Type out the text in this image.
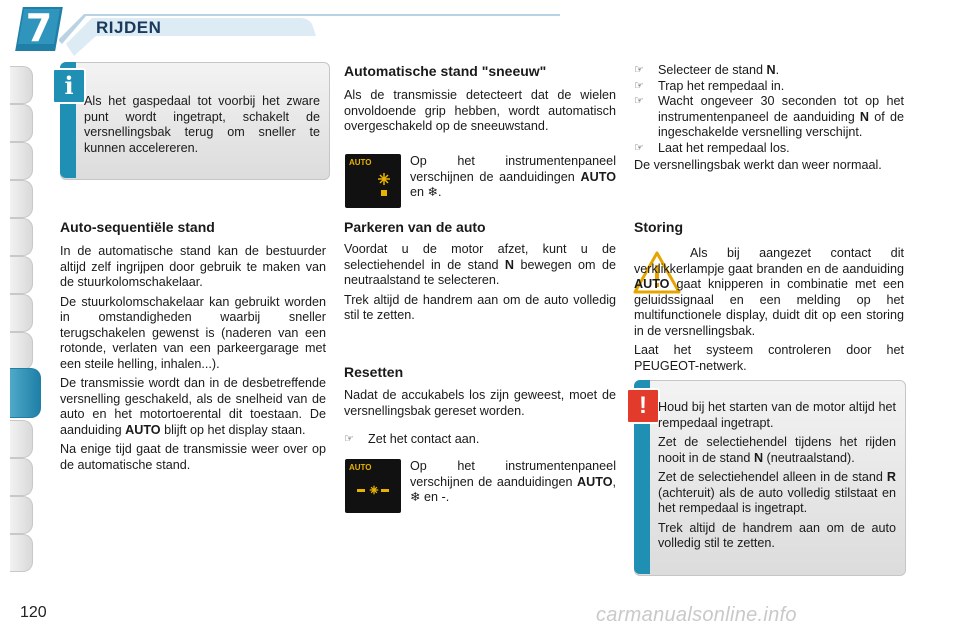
7	RIJDEN
i
Als het gaspedaal tot voorbij het zware punt wordt ingetrapt, schakelt de versnellingsbak terug om sneller te kunnen accelereren.
Auto-sequentiële stand

In de automatische stand kan de bestuurder altijd zelf ingrijpen door gebruik te maken van de stuurkolomschakelaar.

De stuurkolomschakelaar kan gebruikt worden in omstandigheden waarbij sneller terugschakelen gewenst is (naderen van een rotonde, verlaten van een parkeergarage met een steile helling, inhalen...).

De transmissie wordt dan in de desbetreffende versnelling geschakeld, als de snelheid van de auto en het motortoerental dit toestaan. De aanduiding AUTO blijft op het display staan.

Na enige tijd gaat de transmissie weer over op de automatische stand.

Automatische stand "sneeuw"
Als de transmissie detecteert dat de wielen onvoldoende grip hebben, wordt automatisch overgeschakeld op de sneeuwstand.
AUTO	Op het instrumentenpaneel verschijnen de aanduidingen AUTO en ❄.
Parkeren van de auto

Voordat u de motor afzet, kunt u de selectiehendel in de stand N bewegen om de neutraalstand te selecteren.

Trek altijd de handrem aan om de auto volledig stil te zetten.

Resetten
Nadat de accukabels los zijn geweest, moet de versnellingsbak gereset worden.
☞	Zet het contact aan.
AUTO	Op het instrumentenpaneel verschijnen de aanduidingen AUTO, ❄ en -.
☞	Selecteer de stand N.
☞	Trap het rempedaal in.
☞	Wacht ongeveer 30 seconden tot op het instrumentenpaneel de aanduiding N of de ingeschakelde versnelling verschijnt.
☞	Laat het rempedaal los.

De versnellingsbak werkt dan weer normaal.

Storing

Als bij aangezet contact dit verklikkerlampje gaat branden en de aanduiding AUTO gaat knipperen in combinatie met een geluidssignaal en een melding op het multifunctionele display, duidt dit op een storing in de versnellingsbak.

Laat het systeem controleren door het PEUGEOT-netwerk.

! Houd bij het starten van de motor altijd het rempedaal ingetrapt.

Zet de selectiehendel tijdens het rijden nooit in de stand N (neutraalstand).

Zet de selectiehendel alleen in de stand R (achteruit) als de auto volledig stilstaat en het rempedaal is ingetrapt.

Trek altijd de handrem aan om de auto volledig stil te zetten.

120	carmanualsonline.info
